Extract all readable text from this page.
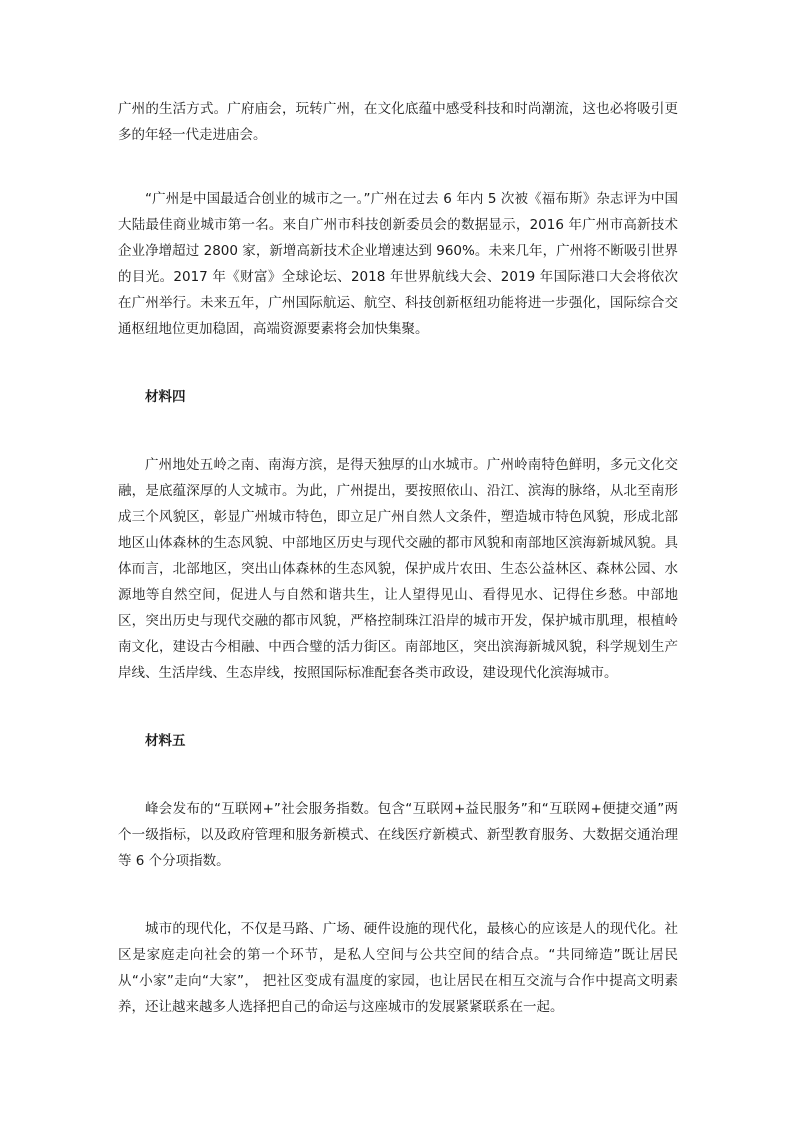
广州的生活方式。广府庙会，玩转广州，在文化底蕴中感受科技和时尚潮流，这也必将吸引更多的年轻一代走进庙会。

“广州是中国最适合创业的城市之一。”广州在过去 6 年内 5 次被《福布斯》杂志评为中国大陆最佳商业城市第一名。来自广州市科技创新委员会的数据显示，2016 年广州市高新技术企业净增超过 2800 家，新增高新技术企业增速达到 960%。未来几年，广州将不断吸引世界的目光。2017 年《财富》全球论坛、2018 年世界航线大会、2019 年国际港口大会将依次在广州举行。未来五年，广州国际航运、航空、科技创新枢纽功能将进一步强化，国际综合交通枢纽地位更加稳固，高端资源要素将会加快集聚。

材料四

广州地处五岭之南、南海方滨，是得天独厚的山水城市。广州岭南特色鲜明，多元文化交融，是底蕴深厚的人文城市。为此，广州提出，要按照依山、沿江、滨海的脉络，从北至南形成三个风貌区，彰显广州城市特色，即立足广州自然人文条件，塑造城市特色风貌，形成北部地区山体森林的生态风貌、中部地区历史与现代交融的都市风貌和南部地区滨海新城风貌。具体而言，北部地区，突出山体森林的生态风貌，保护成片农田、生态公益林区、森林公园、水源地等自然空间，促进人与自然和谐共生，让人望得见山、看得见水、记得住乡愁。中部地区，突出历史与现代交融的都市风貌，严格控制珠江沿岸的城市开发，保护城市肌理，根植岭南文化，建设古今相融、中西合璧的活力街区。南部地区，突出滨海新城风貌，科学规划生产岸线、生活岸线、生态岸线，按照国际标准配套各类市政设，建设现代化滨海城市。

材料五

峰会发布的“互联网+”社会服务指数。包含“互联网+益民服务”和“互联网+便捷交通”两个一级指标，以及政府管理和服务新模式、在线医疗新模式、新型教育服务、大数据交通治理等 6 个分项指数。

城市的现代化，不仅是马路、广场、硬件设施的现代化，最核心的应该是人的现代化。社区是家庭走向社会的第一个环节，是私人空间与公共空间的结合点。“共同缔造”既让居民从“小家”走向“大家”， 把社区变成有温度的家园，也让居民在相互交流与合作中提高文明素养，还让越来越多人选择把自己的命运与这座城市的发展紧紧联系在一起。
